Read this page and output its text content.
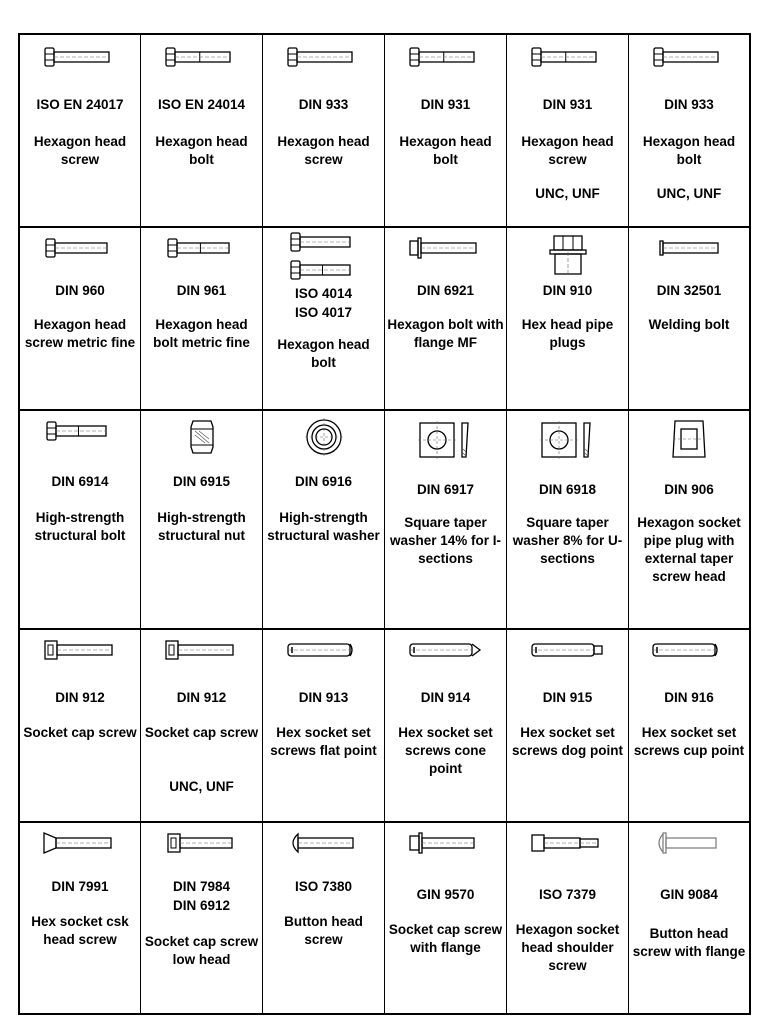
ISO EN 24017
Hexagon head screw
ISO EN 24014
Hexagon head bolt
DIN 933
Hexagon head screw
DIN 931
Hexagon head bolt
DIN 931
Hexagon head screw
UNC, UNF
DIN 933
Hexagon head bolt
UNC, UNF
DIN 960
Hexagon head screw metric fine
DIN 961
Hexagon head bolt metric fine
ISO 4014
ISO 4017
Hexagon head bolt
DIN 6921
Hexagon bolt with flange MF
DIN 910
Hex head pipe plugs
DIN 32501
Welding bolt
DIN 6914
High-strength structural bolt
DIN 6915
High-strength structural nut
DIN 6916
High-strength structural washer
DIN 6917
Square taper washer 14% for I-sections
DIN 6918
Square taper washer 8% for U-sections
DIN 906
Hexagon socket pipe plug with external taper screw head
DIN 912
Socket cap screw
DIN 912
Socket cap screw
UNC, UNF
DIN 913
Hex socket set screws flat point
DIN 914
Hex socket set screws cone point
DIN 915
Hex socket set screws dog point
DIN 916
Hex socket set screws cup point
DIN 7991
Hex socket csk head screw
DIN 7984
DIN 6912
Socket cap screw low head
ISO 7380
Button head screw
GIN 9570
Socket cap screw with flange
ISO 7379
Hexagon socket head shoulder screw
GIN 9084
Button head screw with flange
